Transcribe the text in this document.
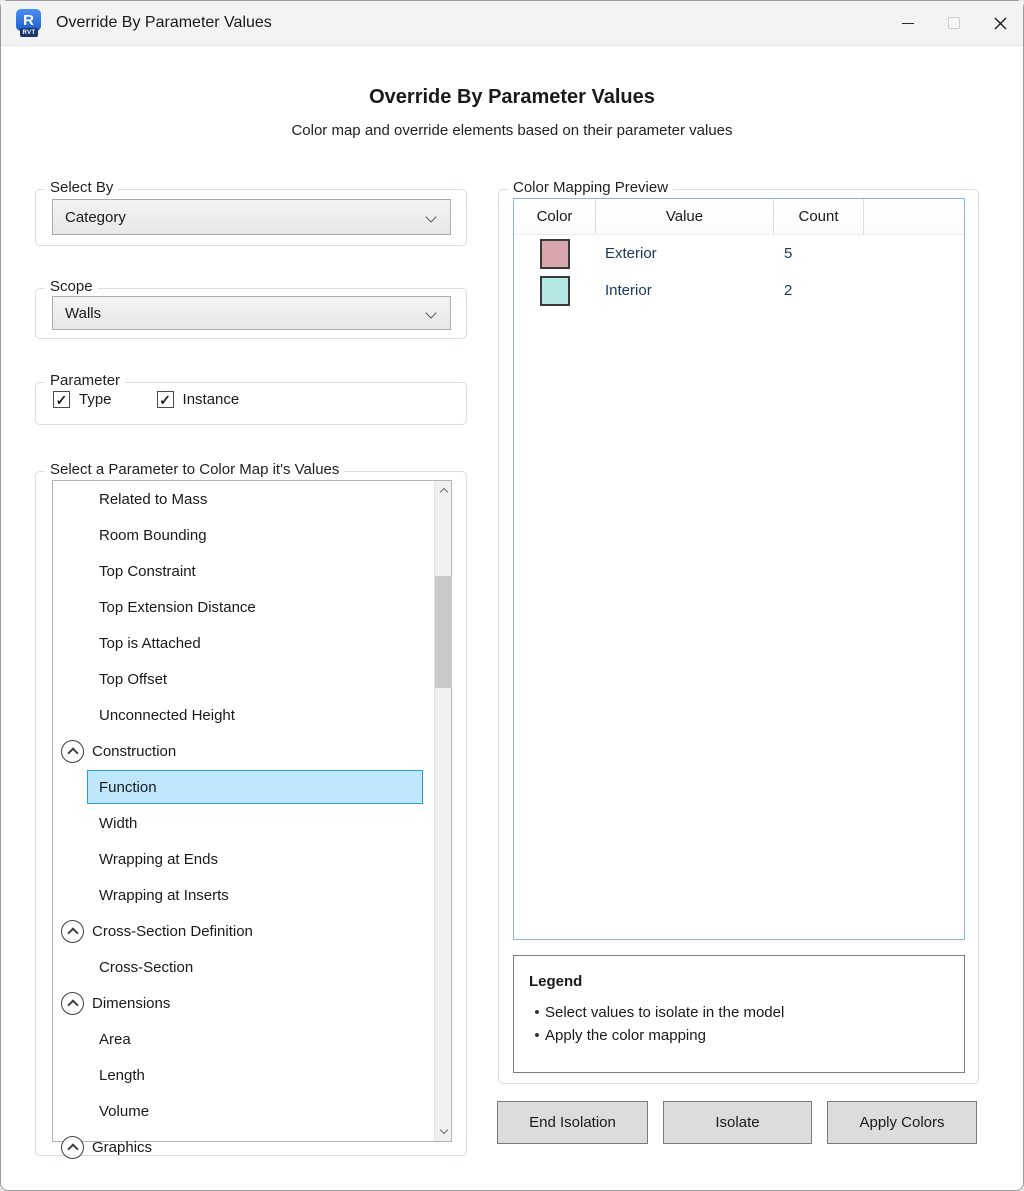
R
RVT
Override By Parameter Values
Override By Parameter Values
Color map and override elements based on their parameter values
Select By
Category
Scope
Walls
Parameter
✓ Type	✓ Instance
Select a Parameter to Color Map it's Values
Related to Mass
Room Bounding
Top Constraint
Top Extension Distance
Top is Attached
Top Offset
Unconnected Height
Construction
Function
Width
Wrapping at Ends
Wrapping at Inserts
Cross-Section Definition
Cross-Section
Dimensions
Area
Length
Volume
Graphics
Color Mapping Preview
Color	Value	Count
Exterior	5
Interior	2
Legend
• Select values to isolate in the model
• Apply the color mapping
End Isolation	Isolate	Apply Colors
